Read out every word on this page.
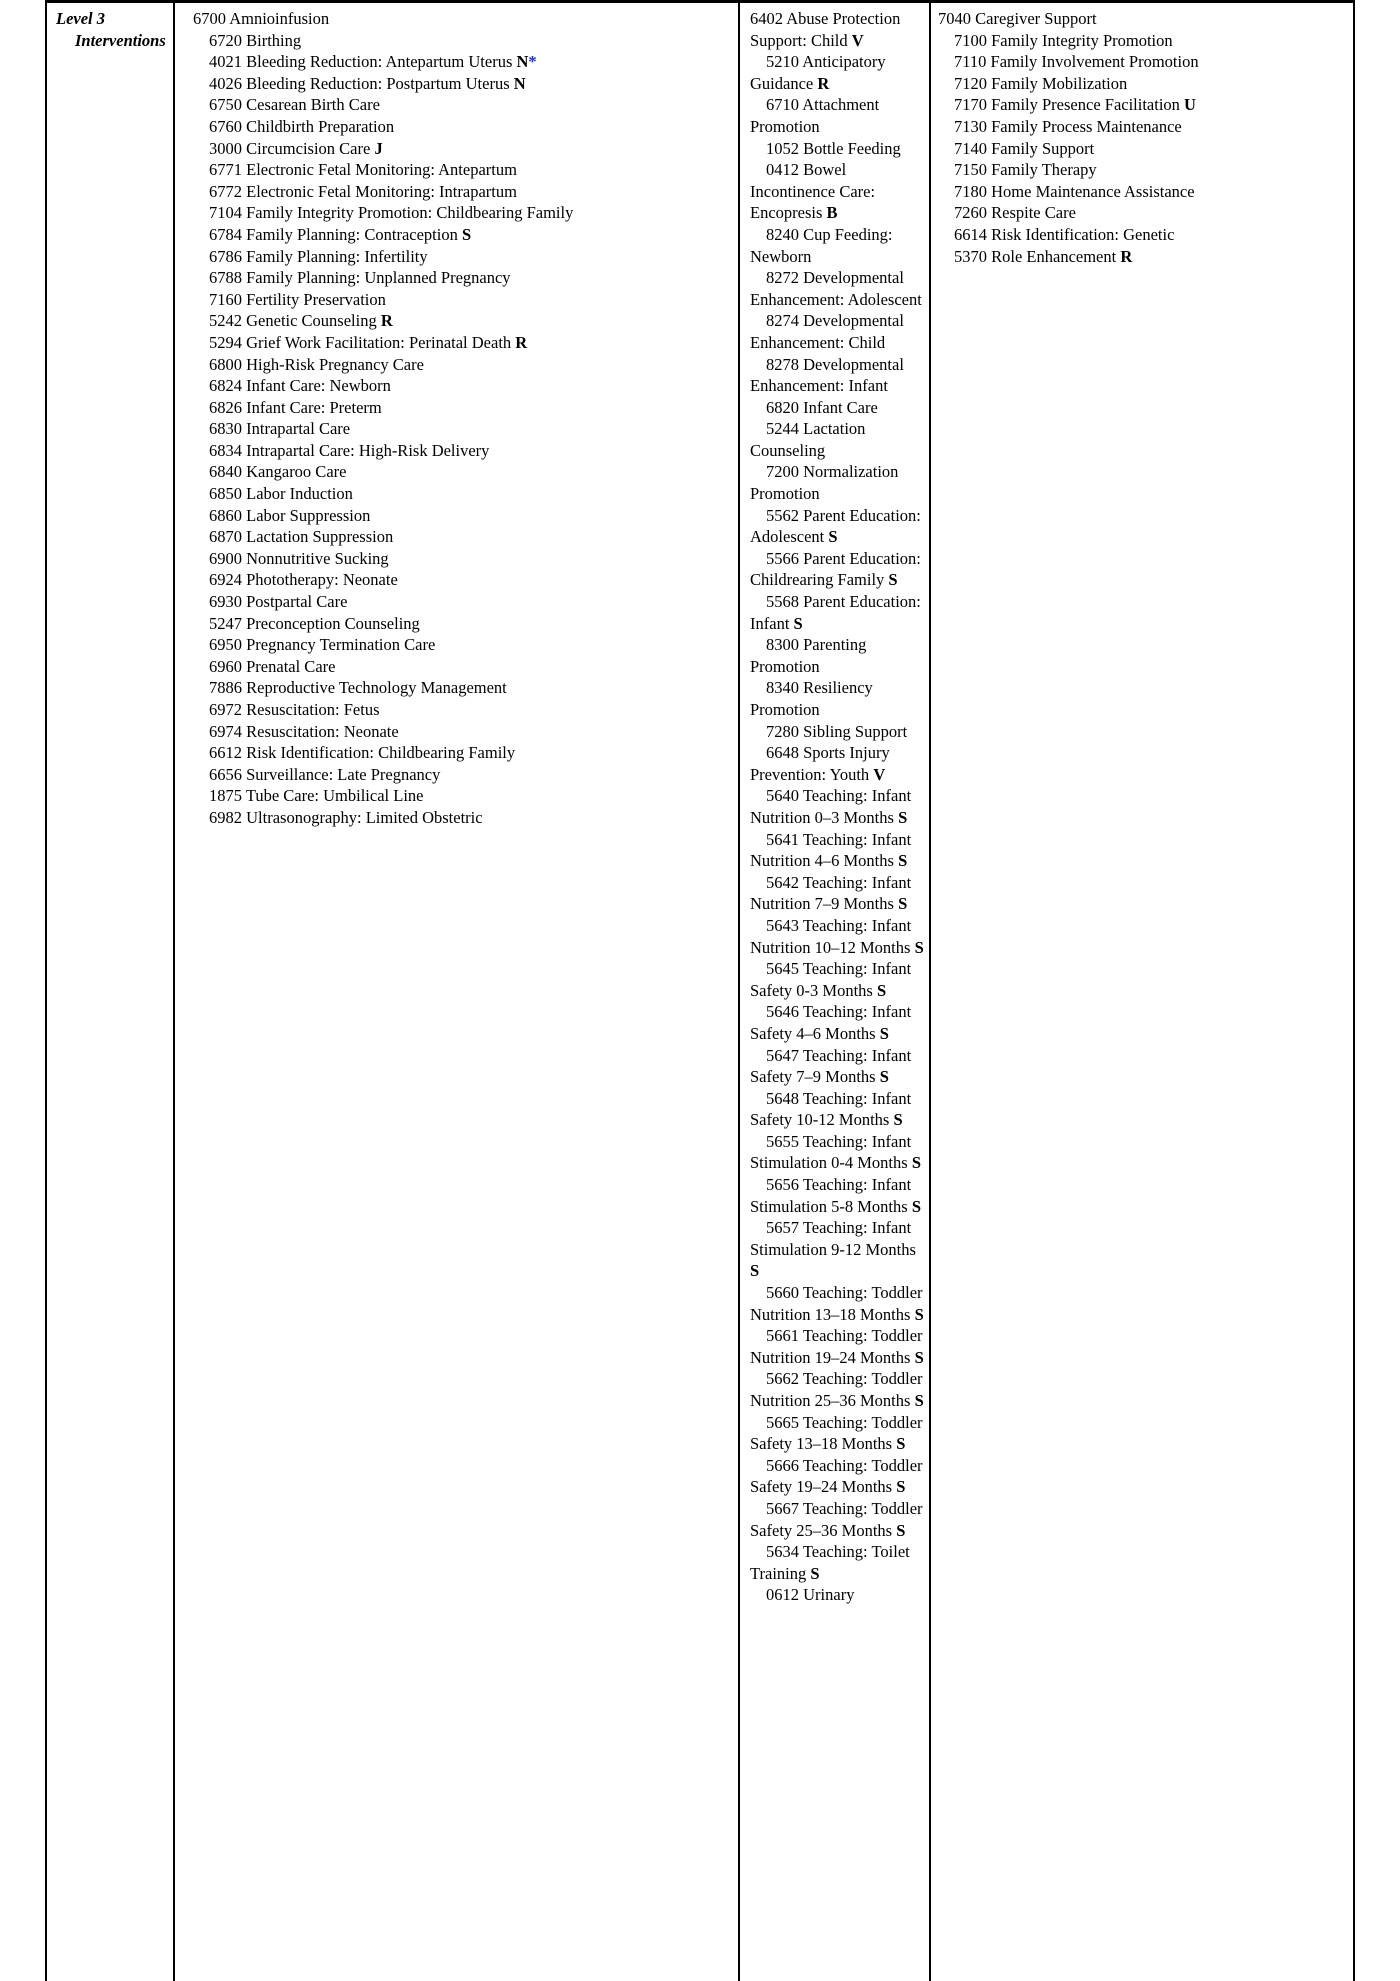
Level 3
Interventions
6700 Amnioinfusion
6720 Birthing
4021 Bleeding Reduction: Antepartum Uterus N*
4026 Bleeding Reduction: Postpartum Uterus N
6750 Cesarean Birth Care
6760 Childbirth Preparation
3000 Circumcision Care J
6771 Electronic Fetal Monitoring: Antepartum
6772 Electronic Fetal Monitoring: Intrapartum
7104 Family Integrity Promotion: Childbearing Family
6784 Family Planning: Contraception S
6786 Family Planning: Infertility
6788 Family Planning: Unplanned Pregnancy
7160 Fertility Preservation
5242 Genetic Counseling R
5294 Grief Work Facilitation: Perinatal Death R
6800 High-Risk Pregnancy Care
6824 Infant Care: Newborn
6826 Infant Care: Preterm
6830 Intrapartal Care
6834 Intrapartal Care: High-Risk Delivery
6840 Kangaroo Care
6850 Labor Induction
6860 Labor Suppression
6870 Lactation Suppression
6900 Nonnutritive Sucking
6924 Phototherapy: Neonate
6930 Postpartal Care
5247 Preconception Counseling
6950 Pregnancy Termination Care
6960 Prenatal Care
7886 Reproductive Technology Management
6972 Resuscitation: Fetus
6974 Resuscitation: Neonate
6612 Risk Identification: Childbearing Family
6656 Surveillance: Late Pregnancy
1875 Tube Care: Umbilical Line
6982 Ultrasonography: Limited Obstetric
6402 Abuse Protection Support: Child V
5210 Anticipatory Guidance R
6710 Attachment Promotion
1052 Bottle Feeding
0412 Bowel Incontinence Care: Encopresis B
8240 Cup Feeding: Newborn
8272 Developmental Enhancement: Adolescent
8274 Developmental Enhancement: Child
8278 Developmental Enhancement: Infant
6820 Infant Care
5244 Lactation Counseling
7200 Normalization Promotion
5562 Parent Education: Adolescent S
5566 Parent Education: Childrearing Family S
5568 Parent Education: Infant S
8300 Parenting Promotion
8340 Resiliency Promotion
7280 Sibling Support
6648 Sports Injury Prevention: Youth V
5640 Teaching: Infant Nutrition 0–3 Months S
5641 Teaching: Infant Nutrition 4–6 Months S
5642 Teaching: Infant Nutrition 7–9 Months S
5643 Teaching: Infant Nutrition 10–12 Months S
5645 Teaching: Infant Safety 0-3 Months S
5646 Teaching: Infant Safety 4–6 Months S
5647 Teaching: Infant Safety 7–9 Months S
5648 Teaching: Infant Safety 10-12 Months S
5655 Teaching: Infant Stimulation 0-4 Months S
5656 Teaching: Infant Stimulation 5-8 Months S
5657 Teaching: Infant Stimulation 9-12 Months S
5660 Teaching: Toddler Nutrition 13–18 Months S
5661 Teaching: Toddler Nutrition 19–24 Months S
5662 Teaching: Toddler Nutrition 25–36 Months S
5665 Teaching: Toddler Safety 13–18 Months S
5666 Teaching: Toddler Safety 19–24 Months S
5667 Teaching: Toddler Safety 25–36 Months S
5634 Teaching: Toilet Training S
0612 Urinary
7040 Caregiver Support
7100 Family Integrity Promotion
7110 Family Involvement Promotion
7120 Family Mobilization
7170 Family Presence Facilitation U
7130 Family Process Maintenance
7140 Family Support
7150 Family Therapy
7180 Home Maintenance Assistance
7260 Respite Care
6614 Risk Identification: Genetic
5370 Role Enhancement R
